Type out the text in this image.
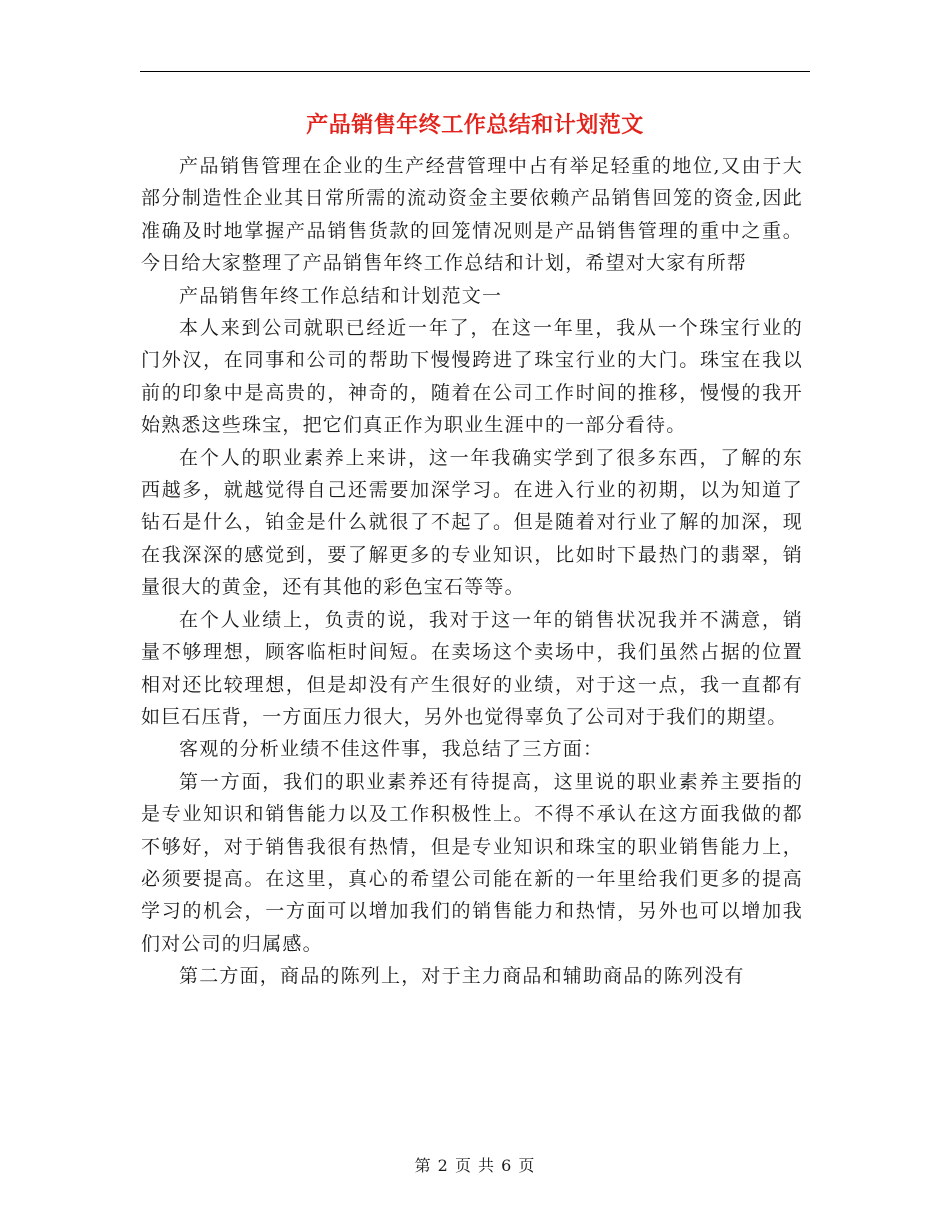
产品销售年终工作总结和计划范文

产品销售管理在企业的生产经营管理中占有举足轻重的地位,又由于大部分制造性企业其日常所需的流动资金主要依赖产品销售回笼的资金,因此准确及时地掌握产品销售货款的回笼情况则是产品销售管理的重中之重。今日给大家整理了产品销售年终工作总结和计划，希望对大家有所帮

产品销售年终工作总结和计划范文一

本人来到公司就职已经近一年了，在这一年里，我从一个珠宝行业的门外汉，在同事和公司的帮助下慢慢跨进了珠宝行业的大门。珠宝在我以前的印象中是高贵的，神奇的，随着在公司工作时间的推移，慢慢的我开始熟悉这些珠宝，把它们真正作为职业生涯中的一部分看待。

在个人的职业素养上来讲，这一年我确实学到了很多东西，了解的东西越多，就越觉得自己还需要加深学习。在进入行业的初期，以为知道了钻石是什么，铂金是什么就很了不起了。但是随着对行业了解的加深，现在我深深的感觉到，要了解更多的专业知识，比如时下最热门的翡翠，销量很大的黄金，还有其他的彩色宝石等等。

在个人业绩上，负责的说，我对于这一年的销售状况我并不满意，销量不够理想，顾客临柜时间短。在卖场这个卖场中，我们虽然占据的位置相对还比较理想，但是却没有产生很好的业绩，对于这一点，我一直都有如巨石压背，一方面压力很大，另外也觉得辜负了公司对于我们的期望。

客观的分析业绩不佳这件事，我总结了三方面：

第一方面，我们的职业素养还有待提高，这里说的职业素养主要指的是专业知识和销售能力以及工作积极性上。不得不承认在这方面我做的都不够好，对于销售我很有热情，但是专业知识和珠宝的职业销售能力上，必须要提高。在这里，真心的希望公司能在新的一年里给我们更多的提高学习的机会，一方面可以增加我们的销售能力和热情，另外也可以增加我们对公司的归属感。

第二方面，商品的陈列上，对于主力商品和辅助商品的陈列没有

第 2 页 共 6 页
